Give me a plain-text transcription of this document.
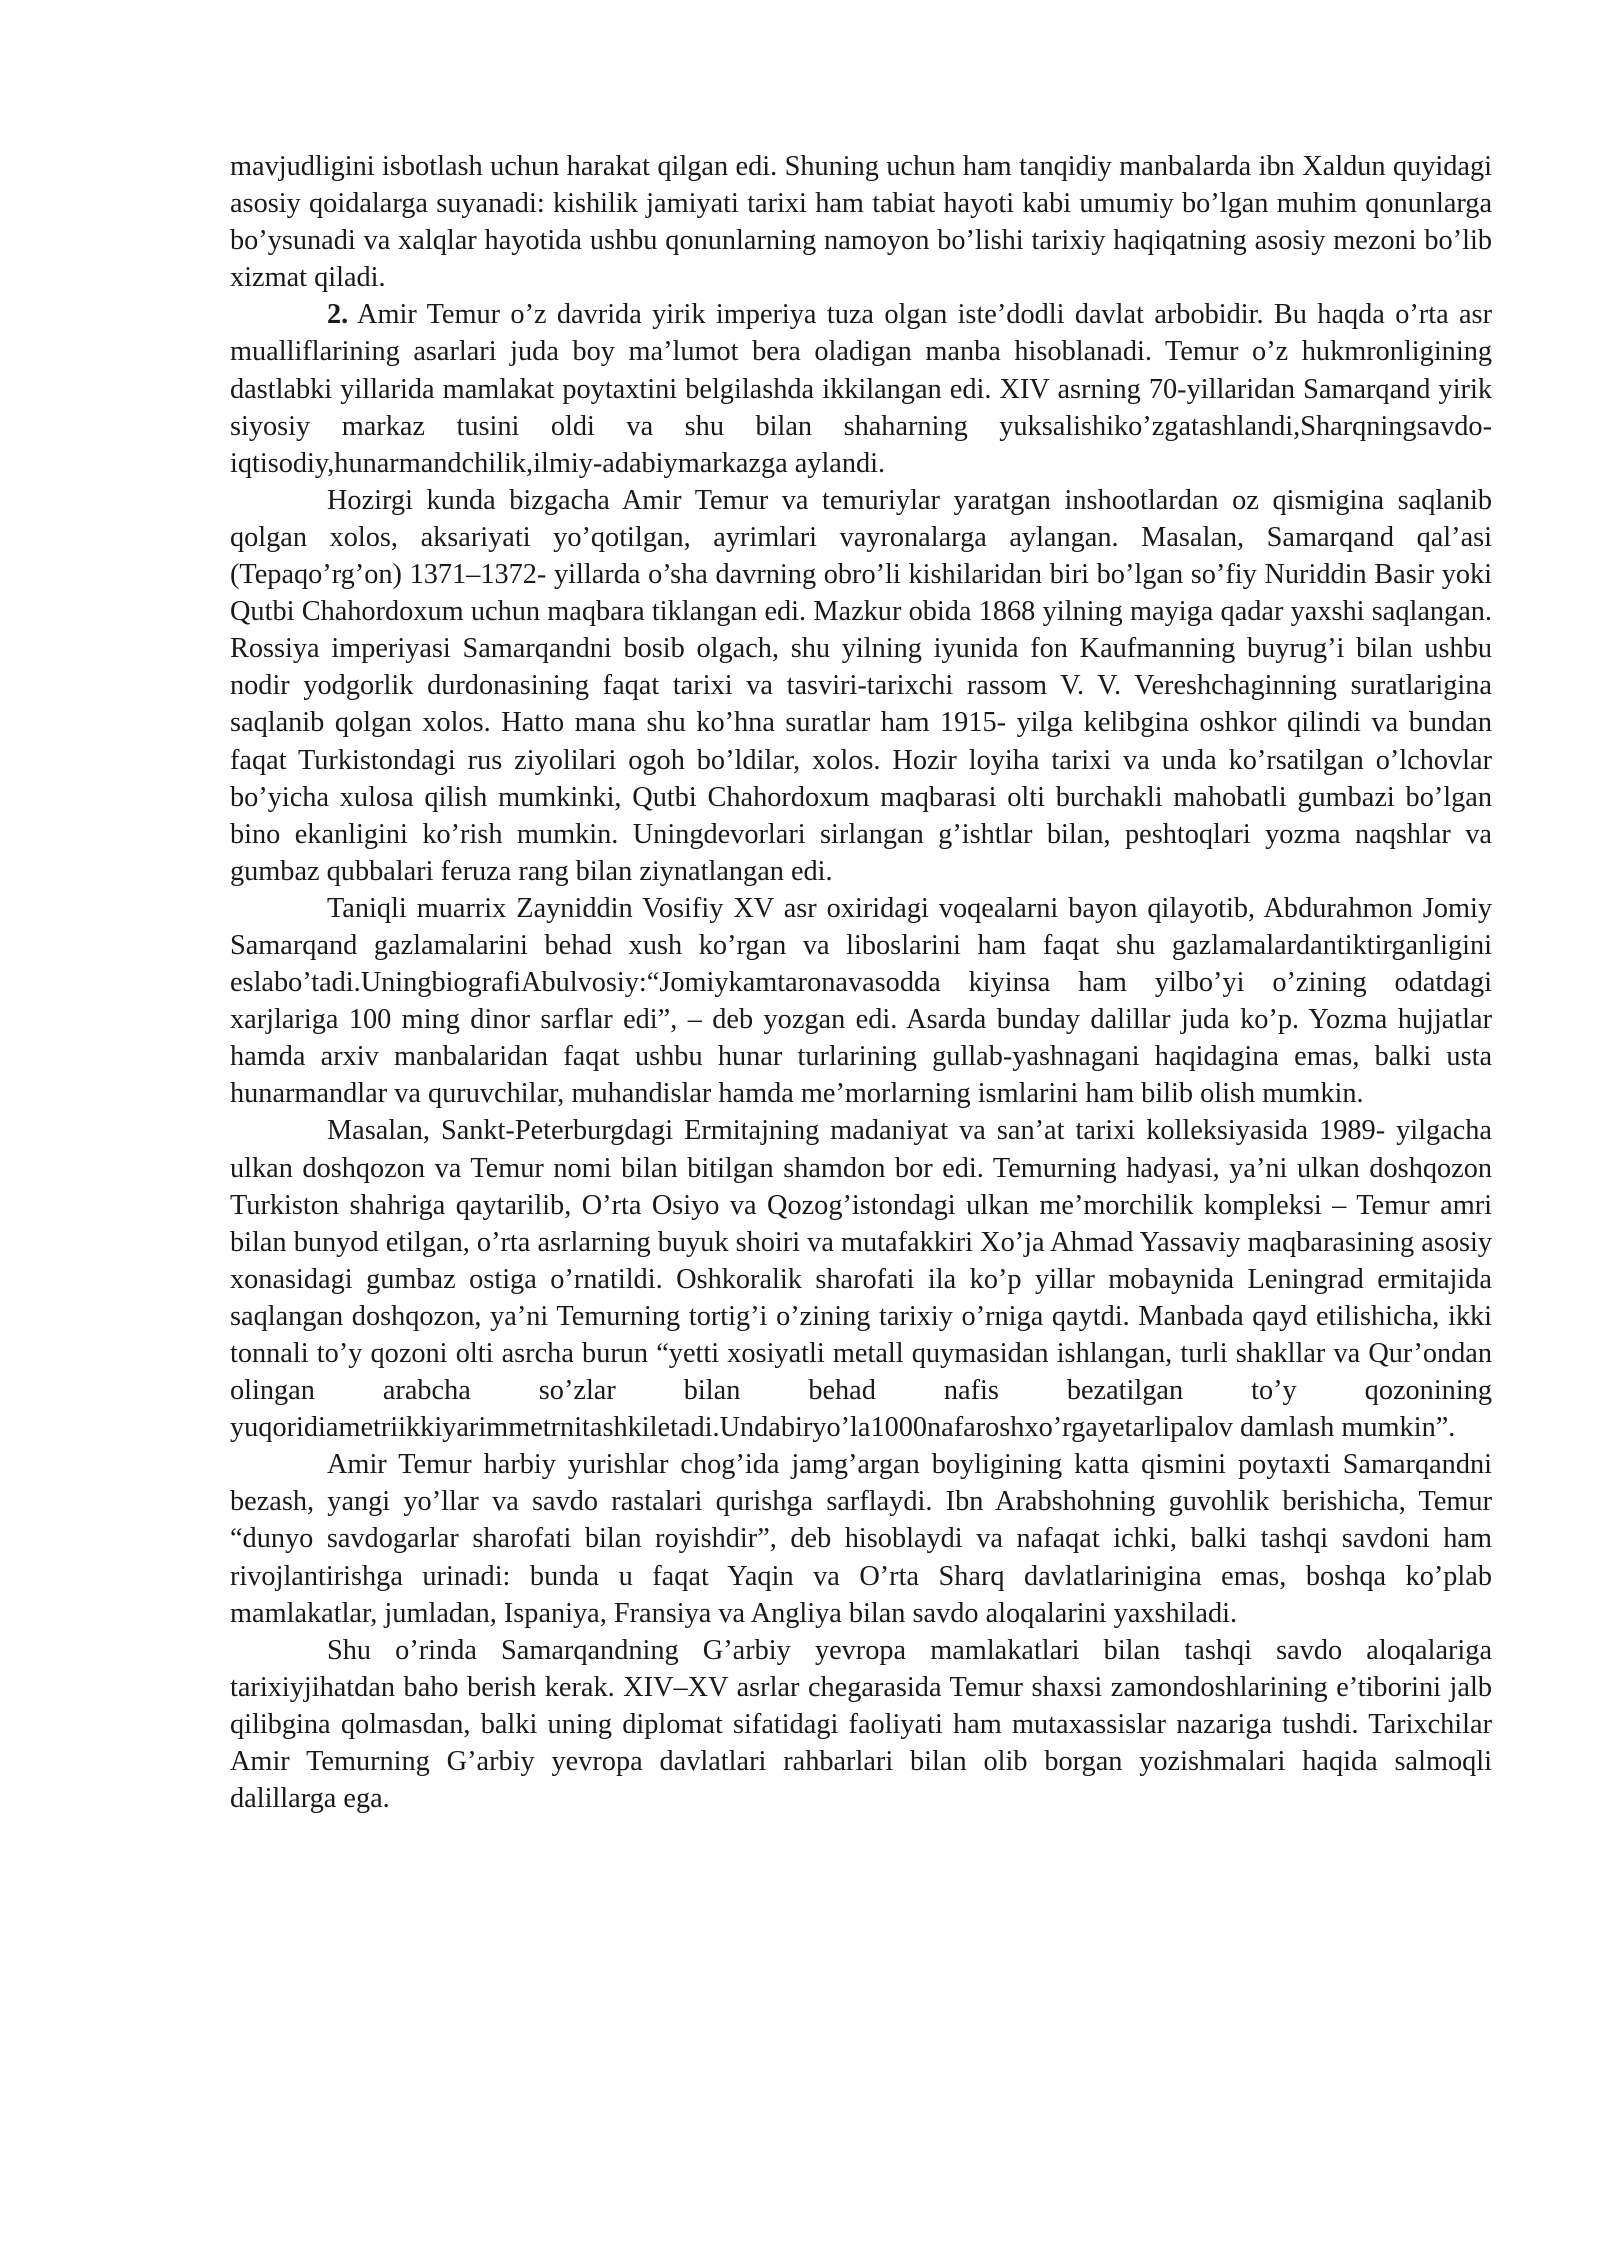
mavjudligini isbotlash uchun harakat qilgan edi. Shuning uchun ham tanqidiy manbalarda ibn Xaldun quyidagi asosiy qoidalarga suyanadi: kishilik jamiyati tarixi ham tabiat hayoti kabi umumiy bo’lgan muhim qonunlarga bo’ysunadi va xalqlar hayotida ushbu qonunlarning namoyon bo’lishi tarixiy haqiqatning asosiy mezoni bo’lib xizmat qiladi.

2. Amir Temur o’z davrida yirik imperiya tuza olgan iste’dodli davlat arbobidir. Bu haqda o’rta asr mualliflarining asarlari juda boy ma’lumot bera oladigan manba hisoblanadi. Temur o’z hukmronligining dastlabki yillarida mamlakat poytaxtini belgilashda ikkilangan edi. XIV asrning 70-yillaridan Samarqand yirik siyosiy markaz tusini oldi va shu bilan shaharning yuksalishiko’zgatashlandi,Sharqningsavdo-iqtisodiy,hunarmandchilik,ilmiy-adabiymarkazga aylandi.

Hozirgi kunda bizgacha Amir Temur va temuriylar yaratgan inshootlardan oz qismigina saqlanib qolgan xolos, aksariyati yo’qotilgan, ayrimlari vayronalarga aylangan. Masalan, Samarqand qal’asi (Tepaqo’rg’on) 1371–1372- yillarda o’sha davrning obro’li kishilaridan biri bo’lgan so’fiy Nuriddin Basir yoki Qutbi Chahordoxum uchun maqbara tiklangan edi. Mazkur obida 1868 yilning mayiga qadar yaxshi saqlangan. Rossiya imperiyasi Samarqandni bosib olgach, shu yilning iyunida fon Kaufmanning buyrug’i bilan ushbu nodir yodgorlik durdonasining faqat tarixi va tasviri-tarixchi rassom V. V. Vereshchaginning suratlarigina saqlanib qolgan xolos. Hatto mana shu ko’hna suratlar ham 1915- yilga kelibgina oshkor qilindi va bundan faqat Turkistondagi rus ziyolilari ogoh bo’ldilar, xolos. Hozir loyiha tarixi va unda ko’rsatilgan o’lchovlar bo’yicha xulosa qilish mumkinki, Qutbi Chahordoxum maqbarasi olti burchakli mahobatli gumbazi bo’lgan bino ekanligini ko’rish mumkin. Uningdevorlari sirlangan g’ishtlar bilan, peshtoqlari yozma naqshlar va gumbaz qubbalari feruza rang bilan ziynatlangan edi.

Taniqli muarrix Zayniddin Vosifiy XV asr oxiridagi voqealarni bayon qilayotib, Abdurahmon Jomiy Samarqand gazlamalarini behad xush ko’rgan va liboslarini ham faqat shu gazlamalardantiktirganligini eslabo’tadi.UningbiografiAbulvosiy:“Jomiykamtaronavasodda kiyinsa ham yilbo’yi o’zining odatdagi xarjlariga 100 ming dinor sarflar edi”, – deb yozgan edi. Asarda bunday dalillar juda ko’p. Yozma hujjatlar hamda arxiv manbalaridan faqat ushbu hunar turlarining gullab-yashnagani haqidagina emas, balki usta hunarmandlar va quruvchilar, muhandislar hamda me’morlarning ismlarini ham bilib olish mumkin.

Masalan, Sankt-Peterburgdagi Ermitajning madaniyat va san’at tarixi kolleksiyasida 1989- yilgacha ulkan doshqozon va Temur nomi bilan bitilgan shamdon bor edi. Temurning hadyasi, ya’ni ulkan doshqozon Turkiston shahriga qaytarilib, O’rta Osiyo va Qozog’istondagi ulkan me’morchilik kompleksi – Temur amri bilan bunyod etilgan, o’rta asrlarning buyuk shoiri va mutafakkiri Xo’ja Ahmad Yassaviy maqbarasining asosiy xonasidagi gumbaz ostiga o’rnatildi. Oshkoralik sharofati ila ko’p yillar mobaynida Leningrad ermitajida saqlangan doshqozon, ya’ni Temurning tortig’i o’zining tarixiy o’rniga qaytdi. Manbada qayd etilishicha, ikki tonnali to’y qozoni olti asrcha burun “yetti xosiyatli metall quymasidan ishlangan, turli shakllar va Qur’ondan olingan arabcha so’zlar bilan behad nafis bezatilgan to’y qozonining yuqoridiametriikkiyarimmetrnitashkiletadi.Undabiryo’la1000nafaroshxo’rgayetarlipalov damlash mumkin”.

Amir Temur harbiy yurishlar chog’ida jamg’argan boyligining katta qismini poytaxti Samarqandni bezash, yangi yo’llar va savdo rastalari qurishga sarflaydi. Ibn Arabshohning guvohlik berishicha, Temur “dunyo savdogarlar sharofati bilan royishdir”, deb hisoblaydi va nafaqat ichki, balki tashqi savdoni ham rivojlantirishga urinadi: bunda u faqat Yaqin va O’rta Sharq davlatlarinigina emas, boshqa ko’plab mamlakatlar, jumladan, Ispaniya, Fransiya va Angliya bilan savdo aloqalarini yaxshiladi.

Shu o’rinda Samarqandning G’arbiy yevropa mamlakatlari bilan tashqi savdo aloqalariga tarixiyjihatdan baho berish kerak. XIV–XV asrlar chegarasida Temur shaxsi zamondoshlarining e’tiborini jalb qilibgina qolmasdan, balki uning diplomat sifatidagi faoliyati ham mutaxassislar nazariga tushdi. Tarixchilar Amir Temurning G’arbiy yevropa davlatlari rahbarlari bilan olib borgan yozishmalari haqida salmoqli dalillarga ega.
